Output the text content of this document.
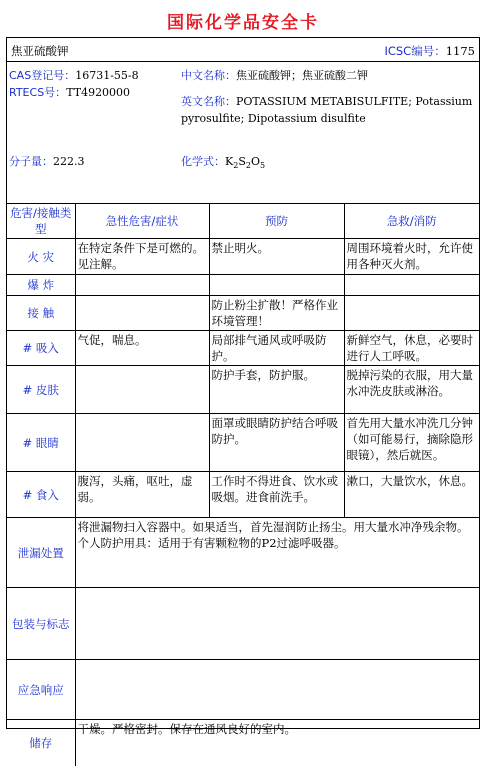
国际化学品安全卡
焦亚硫酸钾	ICSC编号：1175
CAS登记号：16731-55-8
RTECS号：TT4920000
中文名称：焦亚硫酸钾；焦亚硫酸二钾
英文名称：POTASSIUM METABISULFITE; Potassium pyrosulfite; Dipotassium disulfite
分子量：222.3	化学式：$K_2S_2O_5$
危害/接触类型	急性危害/症状	预防	急救/消防
火 灾	在特定条件下是可燃的。见注解。	禁止明火。	周围环境着火时，允许使用各种灭火剂。
爆 炸			
接 触		防止粉尘扩散！严格作业环境管理！	
# 吸入	气促，喘息。	局部排气通风或呼吸防护。	新鲜空气，休息，必要时进行人工呼吸。
# 皮肤		防护手套，防护服。	脱掉污染的衣服，用大量水冲洗皮肤或淋浴。
# 眼睛		面罩或眼睛防护结合呼吸防护。	首先用大量水冲洗几分钟（如可能易行，摘除隐形眼镜），然后就医。
# 食入	腹泻，头痛，呕吐，虚弱。	工作时不得进食、饮水或吸烟。进食前洗手。	漱口，大量饮水，休息。
泄漏处置	将泄漏物扫入容器中。如果适当，首先湿润防止扬尘。用大量水冲净残余物。个人防护用具：适用于有害颗粒物的P2过滤呼吸器。		
包装与标志			
应急响应			
储存	干燥。严格密封。保存在通风良好的室内。		
